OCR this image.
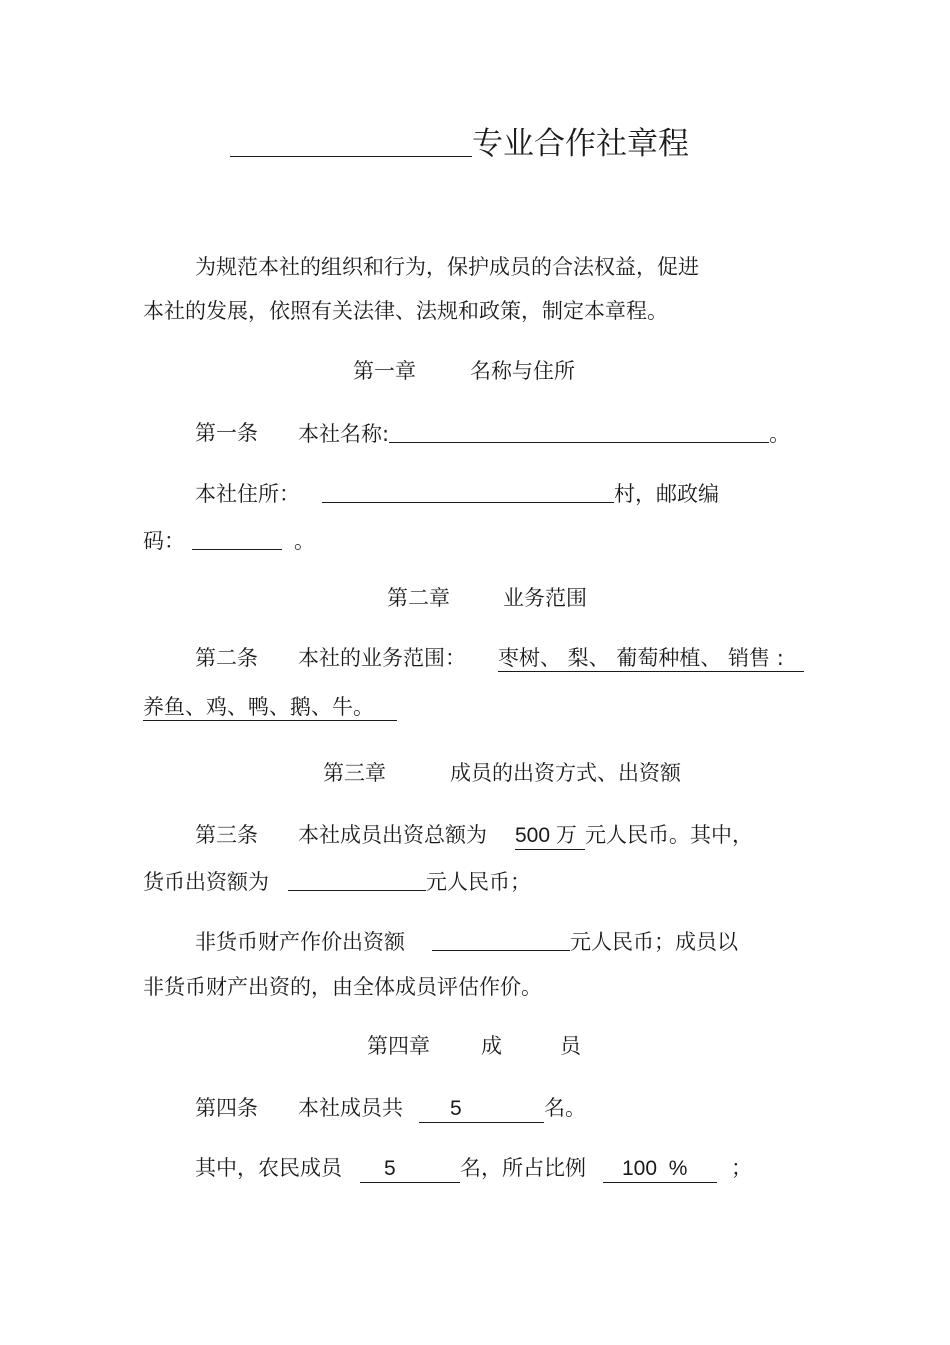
专业合作社章程
为规范本社的组织和行为，保护成员的合法权益，促进
本社的发展，依照有关法律、法规和政策，制定本章程。
第一章	名称与住所
第一条 本社名称:	。
本社住所：	村，邮政编
码：	。
第二章	业务范围
第二条 本社的业务范围： 枣树、 梨、 葡萄种植、 销售 :
养鱼、鸡、鸭、鹅、牛。
第三章	成员的出资方式、出资额
第三条 本社成员出资总额为 500 万 元人民币。其中，
货币出资额为	元人民币；
非货币财产作价出资额	元人民币；成员以
非货币财产出资的，由全体成员评估作价。
第四章 成	员
第四条 本社成员共 5	名。
其中，农民成员 5	名，所占比例 100  % ；
